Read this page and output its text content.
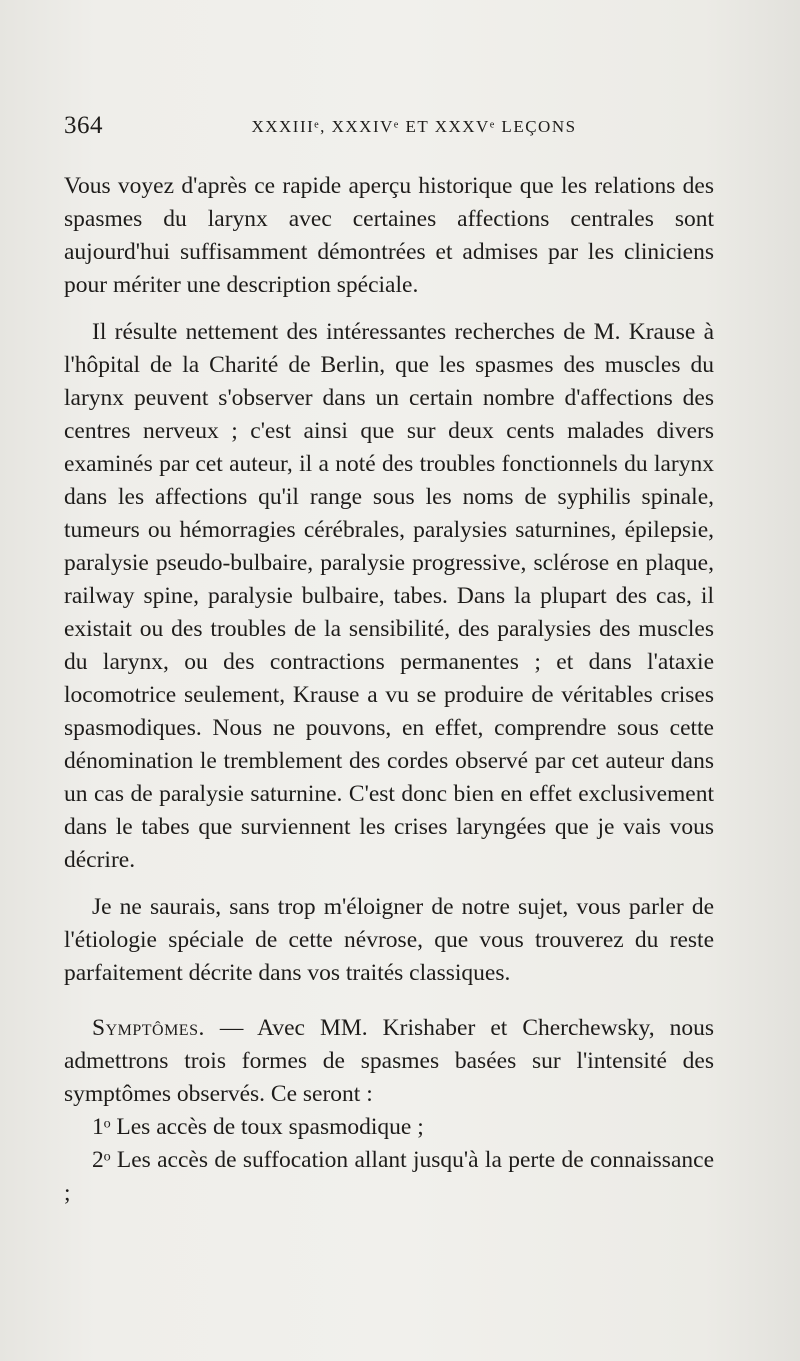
364	XXXIIIᵉ, XXXIVᵉ ET XXXVᵉ LEÇONS

Vous voyez d'après ce rapide aperçu historique que les relations des spasmes du larynx avec certaines affections centrales sont aujourd'hui suffisamment démontrées et admises par les cliniciens pour mériter une description spéciale.

Il résulte nettement des intéressantes recherches de M. Krause à l'hôpital de la Charité de Berlin, que les spasmes des muscles du larynx peuvent s'observer dans un certain nombre d'affections des centres nerveux ; c'est ainsi que sur deux cents malades divers examinés par cet auteur, il a noté des troubles fonctionnels du larynx dans les affections qu'il range sous les noms de syphilis spinale, tumeurs ou hémorragies cérébrales, paralysies saturnines, épilepsie, paralysie pseudo-bulbaire, paralysie progressive, sclérose en plaque, railway spine, paralysie bulbaire, tabes. Dans la plupart des cas, il existait ou des troubles de la sensibilité, des paralysies des muscles du larynx, ou des contractions permanentes ; et dans l'ataxie locomotrice seulement, Krause a vu se produire de véritables crises spasmodiques. Nous ne pouvons, en effet, comprendre sous cette dénomination le tremblement des cordes observé par cet auteur dans un cas de paralysie saturnine. C'est donc bien en effet exclusivement dans le tabes que surviennent les crises laryngées que je vais vous décrire.

Je ne saurais, sans trop m'éloigner de notre sujet, vous parler de l'étiologie spéciale de cette névrose, que vous trouverez du reste parfaitement décrite dans vos traités classiques.

Symptômes. — Avec MM. Krishaber et Cherchewsky, nous admettrons trois formes de spasmes basées sur l'intensité des symptômes observés. Ce seront :

1ᵒ Les accès de toux spasmodique ;

2ᵒ Les accès de suffocation allant jusqu'à la perte de connaissance ;
